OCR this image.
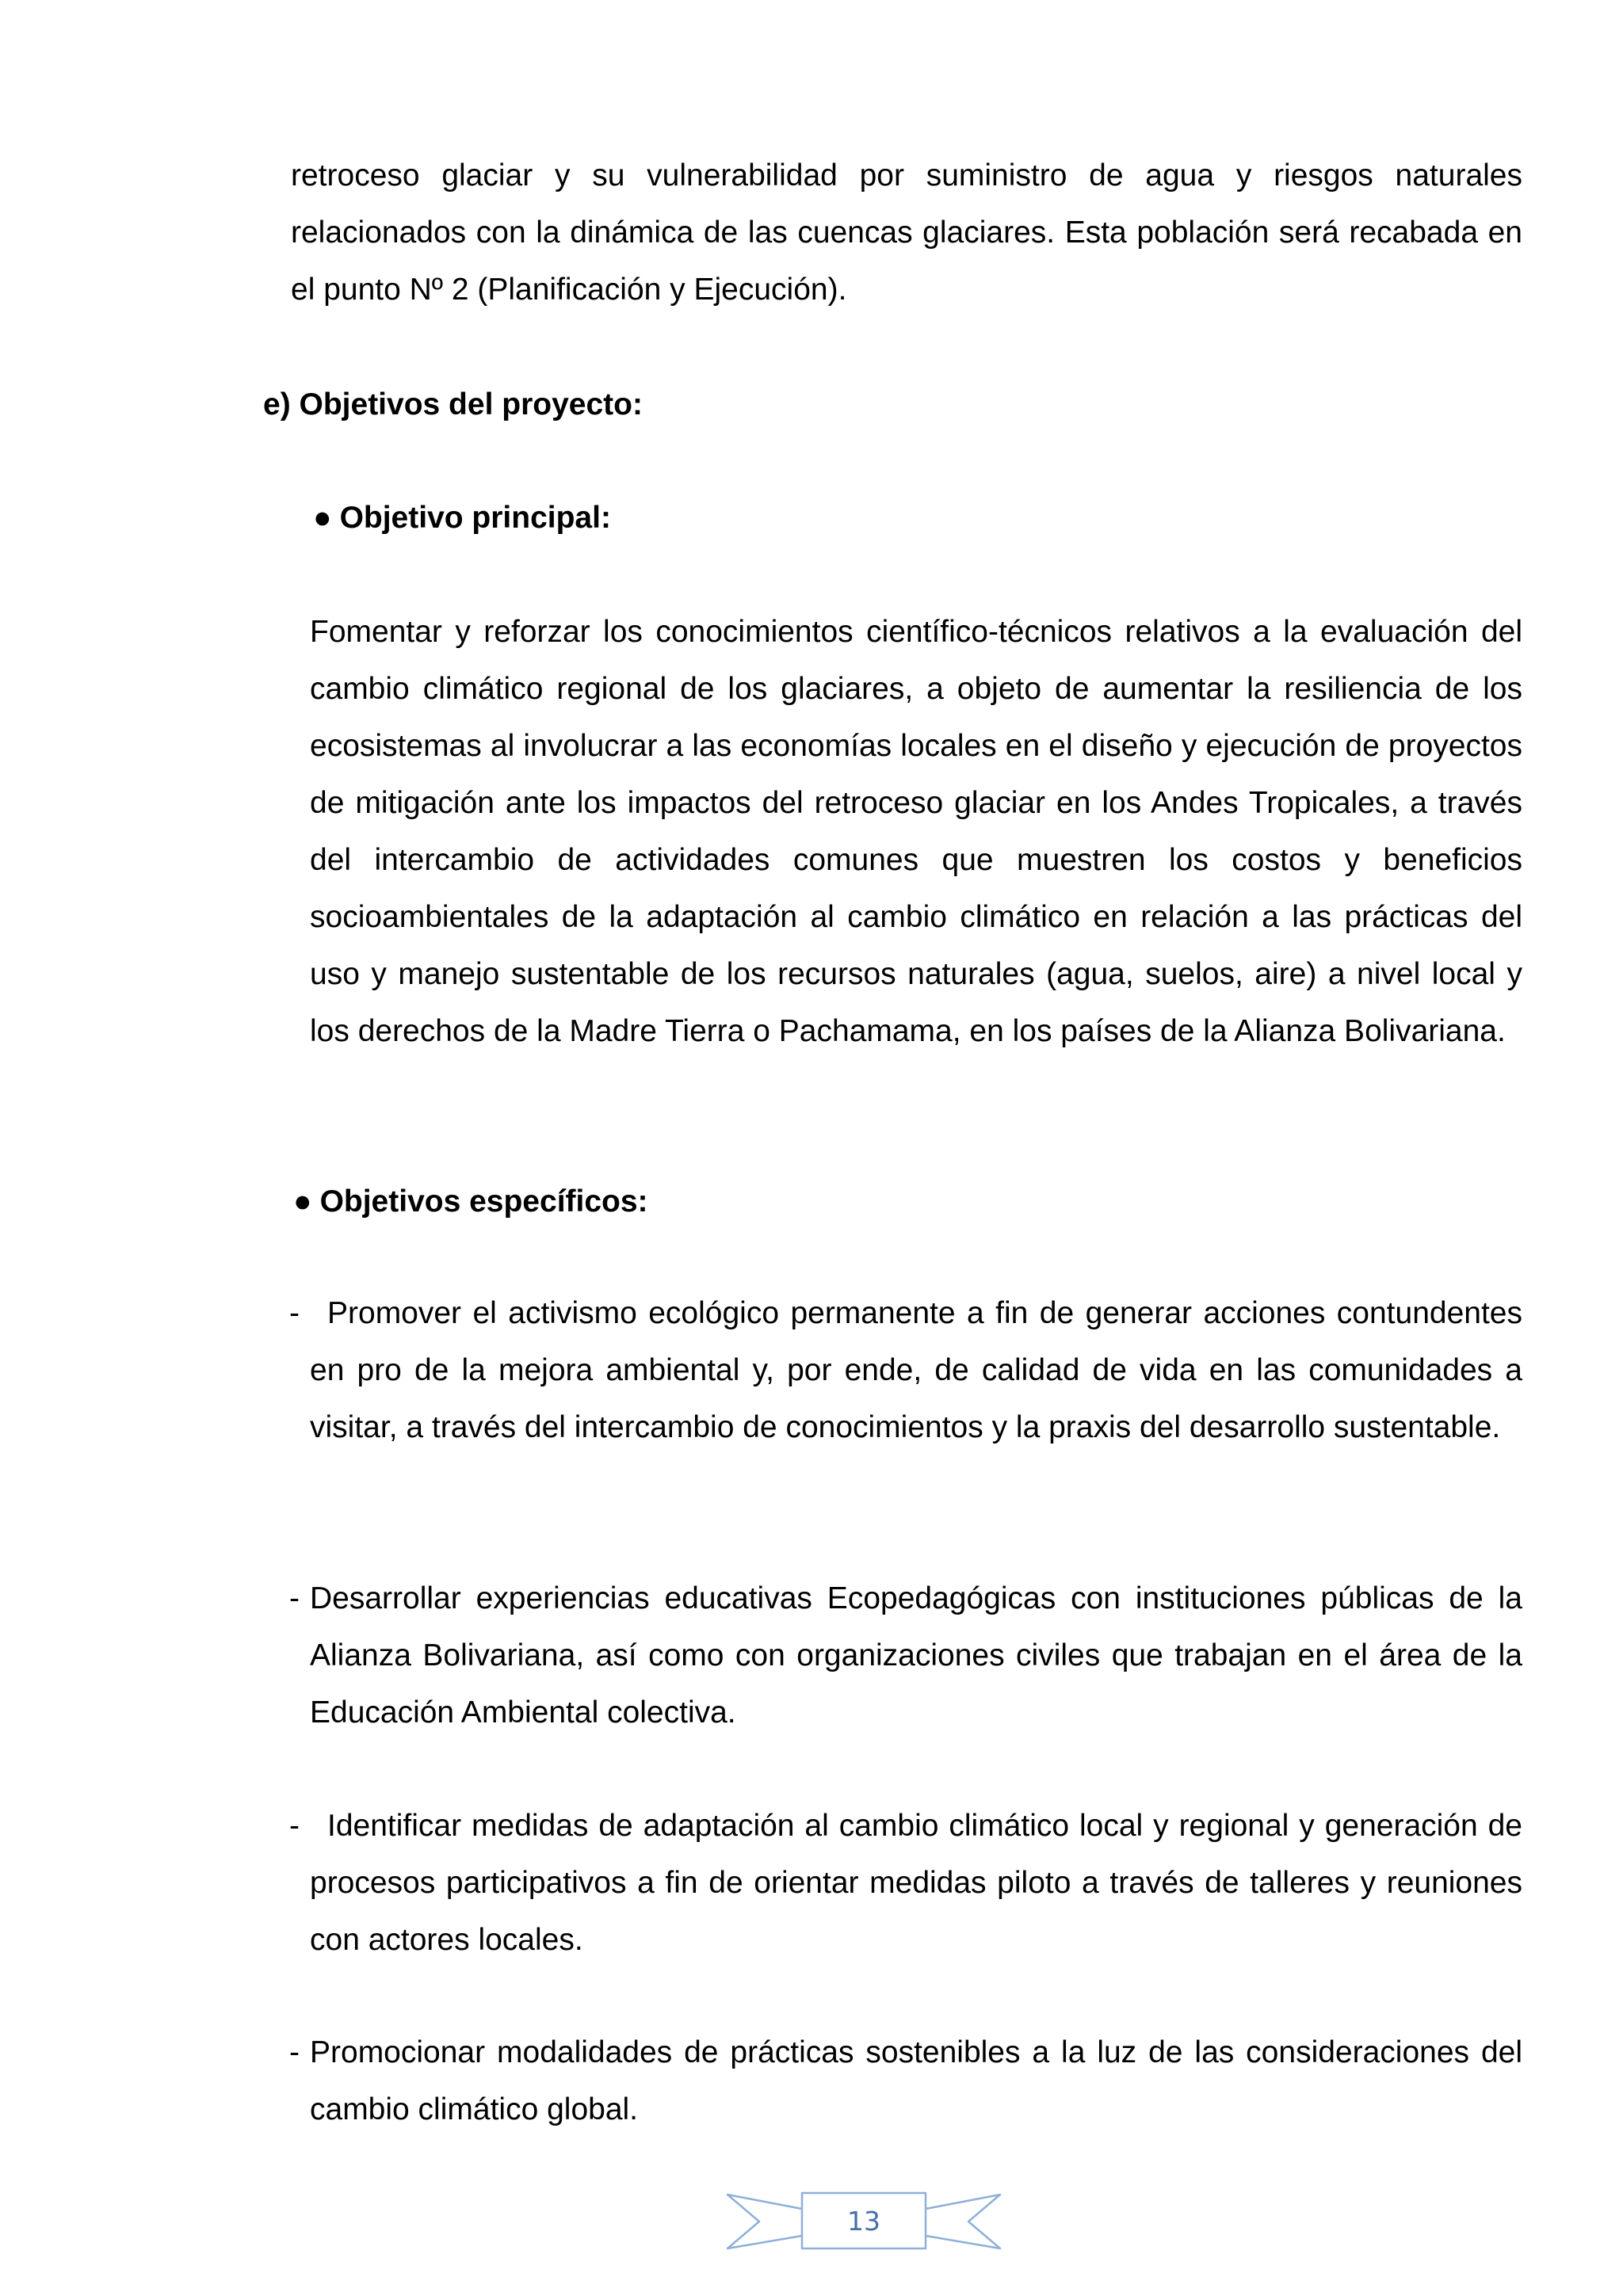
retroceso glaciar y su vulnerabilidad por suministro de agua y riesgos naturales relacionados con la dinámica de las cuencas glaciares. Esta población será recabada en el punto Nº 2 (Planificación y Ejecución).

e) Objetivos del proyecto:
● Objetivo principal:

Fomentar y reforzar los conocimientos científico-técnicos relativos a la evaluación del cambio climático regional de los glaciares, a objeto de aumentar la resiliencia de los ecosistemas al involucrar a las economías locales en el diseño y ejecución de proyectos de mitigación ante los impactos del retroceso glaciar en los Andes Tropicales, a través del intercambio de actividades comunes que muestren los costos y beneficios socioambientales de la adaptación al cambio climático en relación a las prácticas del uso y manejo sustentable de los recursos naturales (agua, suelos, aire) a nivel local y los derechos de la Madre Tierra o Pachamama, en los países de la Alianza Bolivariana.

● Objetivos específicos:
- Promover el activismo ecológico permanente a fin de generar acciones contundentes en pro de la mejora ambiental y, por ende, de calidad de vida en las comunidades a visitar, a través del intercambio de conocimientos y la praxis del desarrollo sustentable.

- Desarrollar experiencias educativas Ecopedagógicas con instituciones públicas de la Alianza Bolivariana, así como con organizaciones civiles que trabajan en el área de la Educación Ambiental colectiva.

- Identificar medidas de adaptación al cambio climático local y regional y generación de procesos participativos a fin de orientar medidas piloto a través de talleres y reuniones con actores locales.

- Promocionar modalidades de prácticas sostenibles a la luz de las consideraciones del cambio climático global.

13
